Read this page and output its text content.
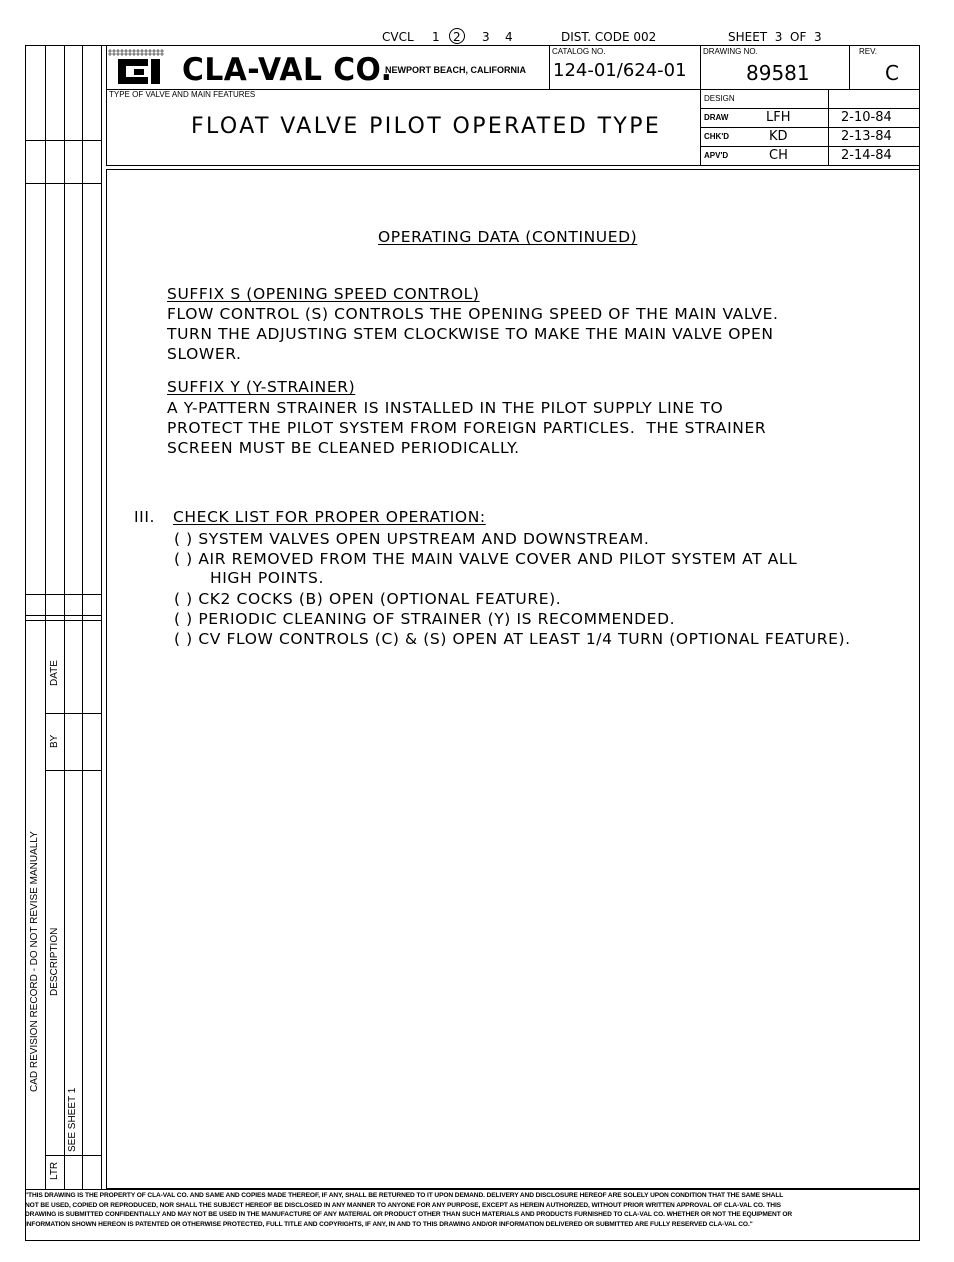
CVCL 1 2 3 4	DIST. CODE 002	SHEET  3  OF  3
CAD REVISION RECORD - DO NOT REVISE MANUALLY
DATE
BY
DESCRIPTION
LTR
SEE SHEET 1
CLA-VAL CO.
NEWPORT BEACH, CALIFORNIA
CATALOG NO.
124-01/624-01
DRAWING NO.
89581
REV.
C
TYPE OF VALVE AND MAIN FEATURES
FLOAT VALVE PILOT OPERATED TYPE
DESIGN
DRAW	LFH	2-10-84
CHK'D	KD	2-13-84
APV'D	CH	2-14-84
OPERATING DATA (CONTINUED)
SUFFIX S (OPENING SPEED CONTROL)
FLOW CONTROL (S) CONTROLS THE OPENING SPEED OF THE MAIN VALVE.
TURN THE ADJUSTING STEM CLOCKWISE TO MAKE THE MAIN VALVE OPEN
SLOWER.
SUFFIX Y (Y-STRAINER)
A Y-PATTERN STRAINER IS INSTALLED IN THE PILOT SUPPLY LINE TO
PROTECT THE PILOT SYSTEM FROM FOREIGN PARTICLES.  THE STRAINER
SCREEN MUST BE CLEANED PERIODICALLY.
III. CHECK LIST FOR PROPER OPERATION:
( ) SYSTEM VALVES OPEN UPSTREAM AND DOWNSTREAM.
( ) AIR REMOVED FROM THE MAIN VALVE COVER AND PILOT SYSTEM AT ALL
HIGH POINTS.
( ) CK2 COCKS (B) OPEN (OPTIONAL FEATURE).
( ) PERIODIC CLEANING OF STRAINER (Y) IS RECOMMENDED.
( ) CV FLOW CONTROLS (C) & (S) OPEN AT LEAST 1/4 TURN (OPTIONAL FEATURE).
"THIS DRAWING IS THE PROPERTY OF CLA-VAL CO. AND SAME AND COPIES MADE THEREOF, IF ANY, SHALL BE RETURNED TO IT UPON DEMAND. DELIVERY AND DISCLOSURE HEREOF ARE SOLELY UPON CONDITION THAT THE SAME SHALL
NOT BE USED, COPIED OR REPRODUCED, NOR SHALL THE SUBJECT HEREOF BE DISCLOSED IN ANY MANNER TO ANYONE FOR ANY PURPOSE, EXCEPT AS HEREIN AUTHORIZED, WITHOUT PRIOR WRITTEN APPROVAL OF CLA-VAL CO. THIS
DRAWING IS SUBMITTED CONFIDENTIALLY AND MAY NOT BE USED IN THE MANUFACTURE OF ANY MATERIAL OR PRODUCT OTHER THAN SUCH MATERIALS AND PRODUCTS FURNISHED TO CLA-VAL CO. WHETHER OR NOT THE EQUIPMENT OR
INFORMATION SHOWN HEREON IS PATENTED OR OTHERWISE PROTECTED, FULL TITLE AND COPYRIGHTS, IF ANY, IN AND TO THIS DRAWING AND/OR INFORMATION DELIVERED OR SUBMITTED ARE FULLY RESERVED CLA-VAL CO."
